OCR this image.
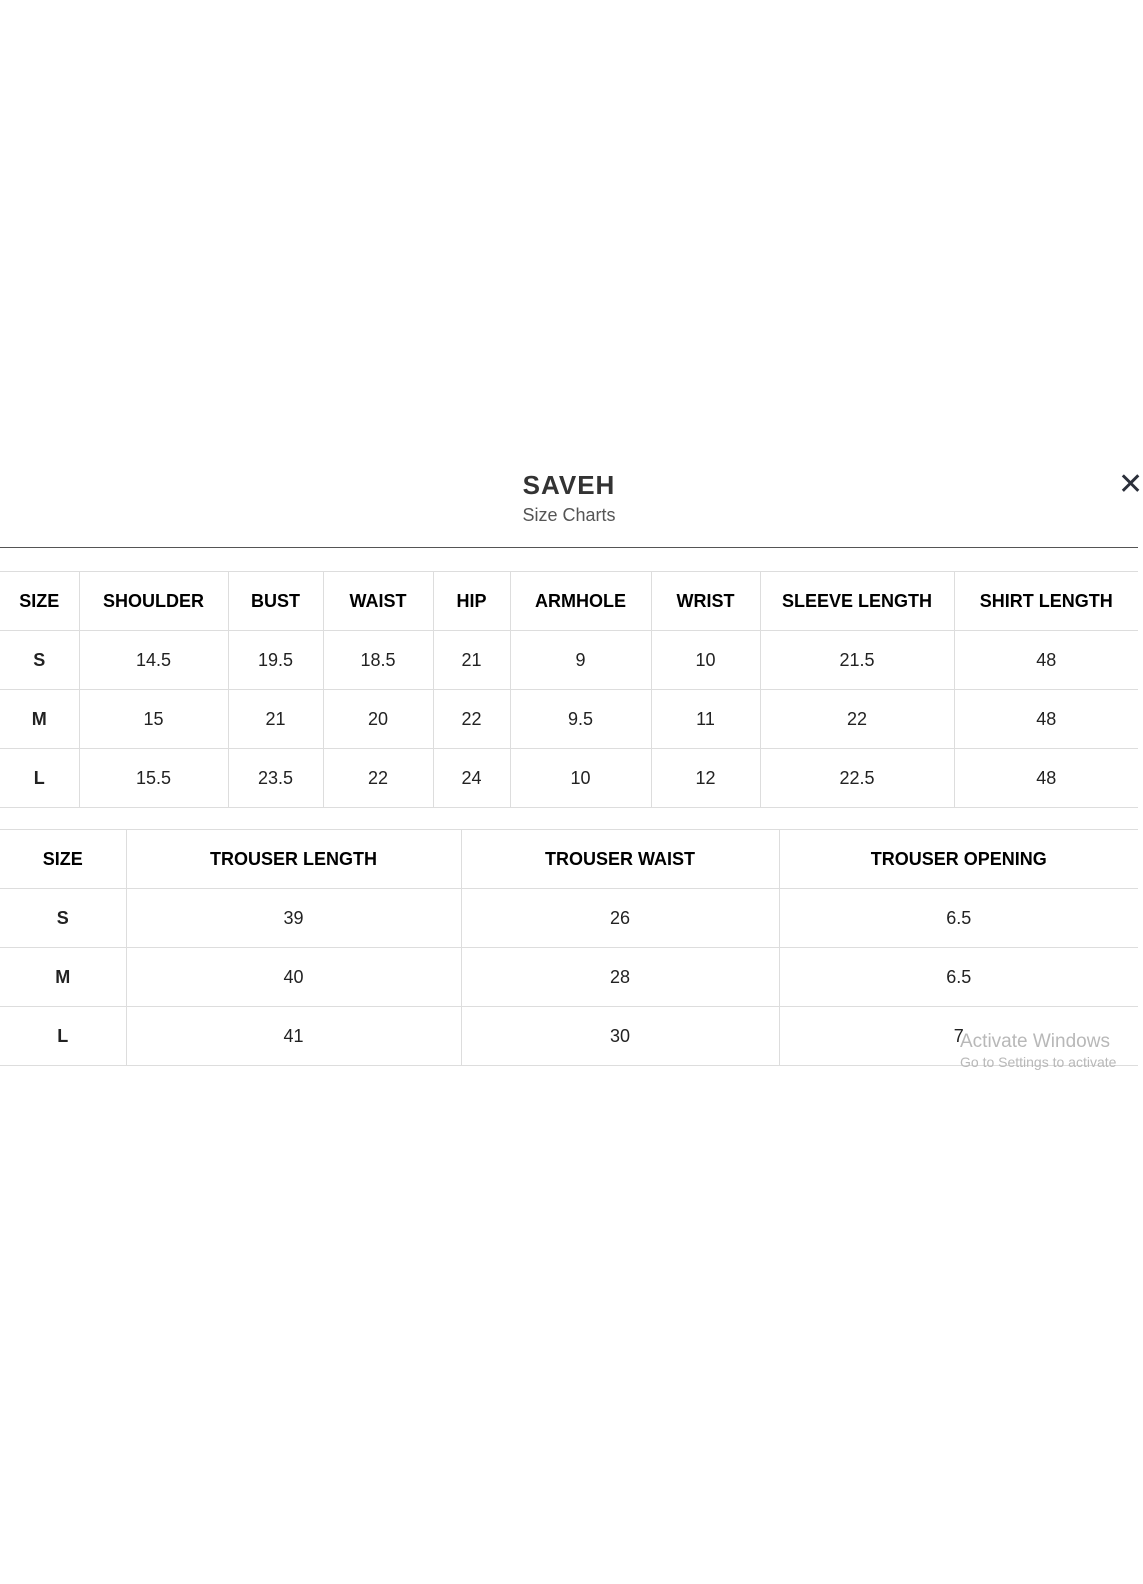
SAVEH
Size Charts
✕
SIZE	SHOULDER	BUST	WAIST	HIP	ARMHOLE	WRIST	SLEEVE LENGTH	SHIRT LENGTH
S	14.5	19.5	18.5	21	9	10	21.5	48
M	15	21	20	22	9.5	11	22	48
L	15.5	23.5	22	24	10	12	22.5	48
SIZE	TROUSER LENGTH	TROUSER WAIST	TROUSER OPENING
S	39	26	6.5
M	40	28	6.5
L	41	30	7
Activate Windows
Go to Settings to activate
